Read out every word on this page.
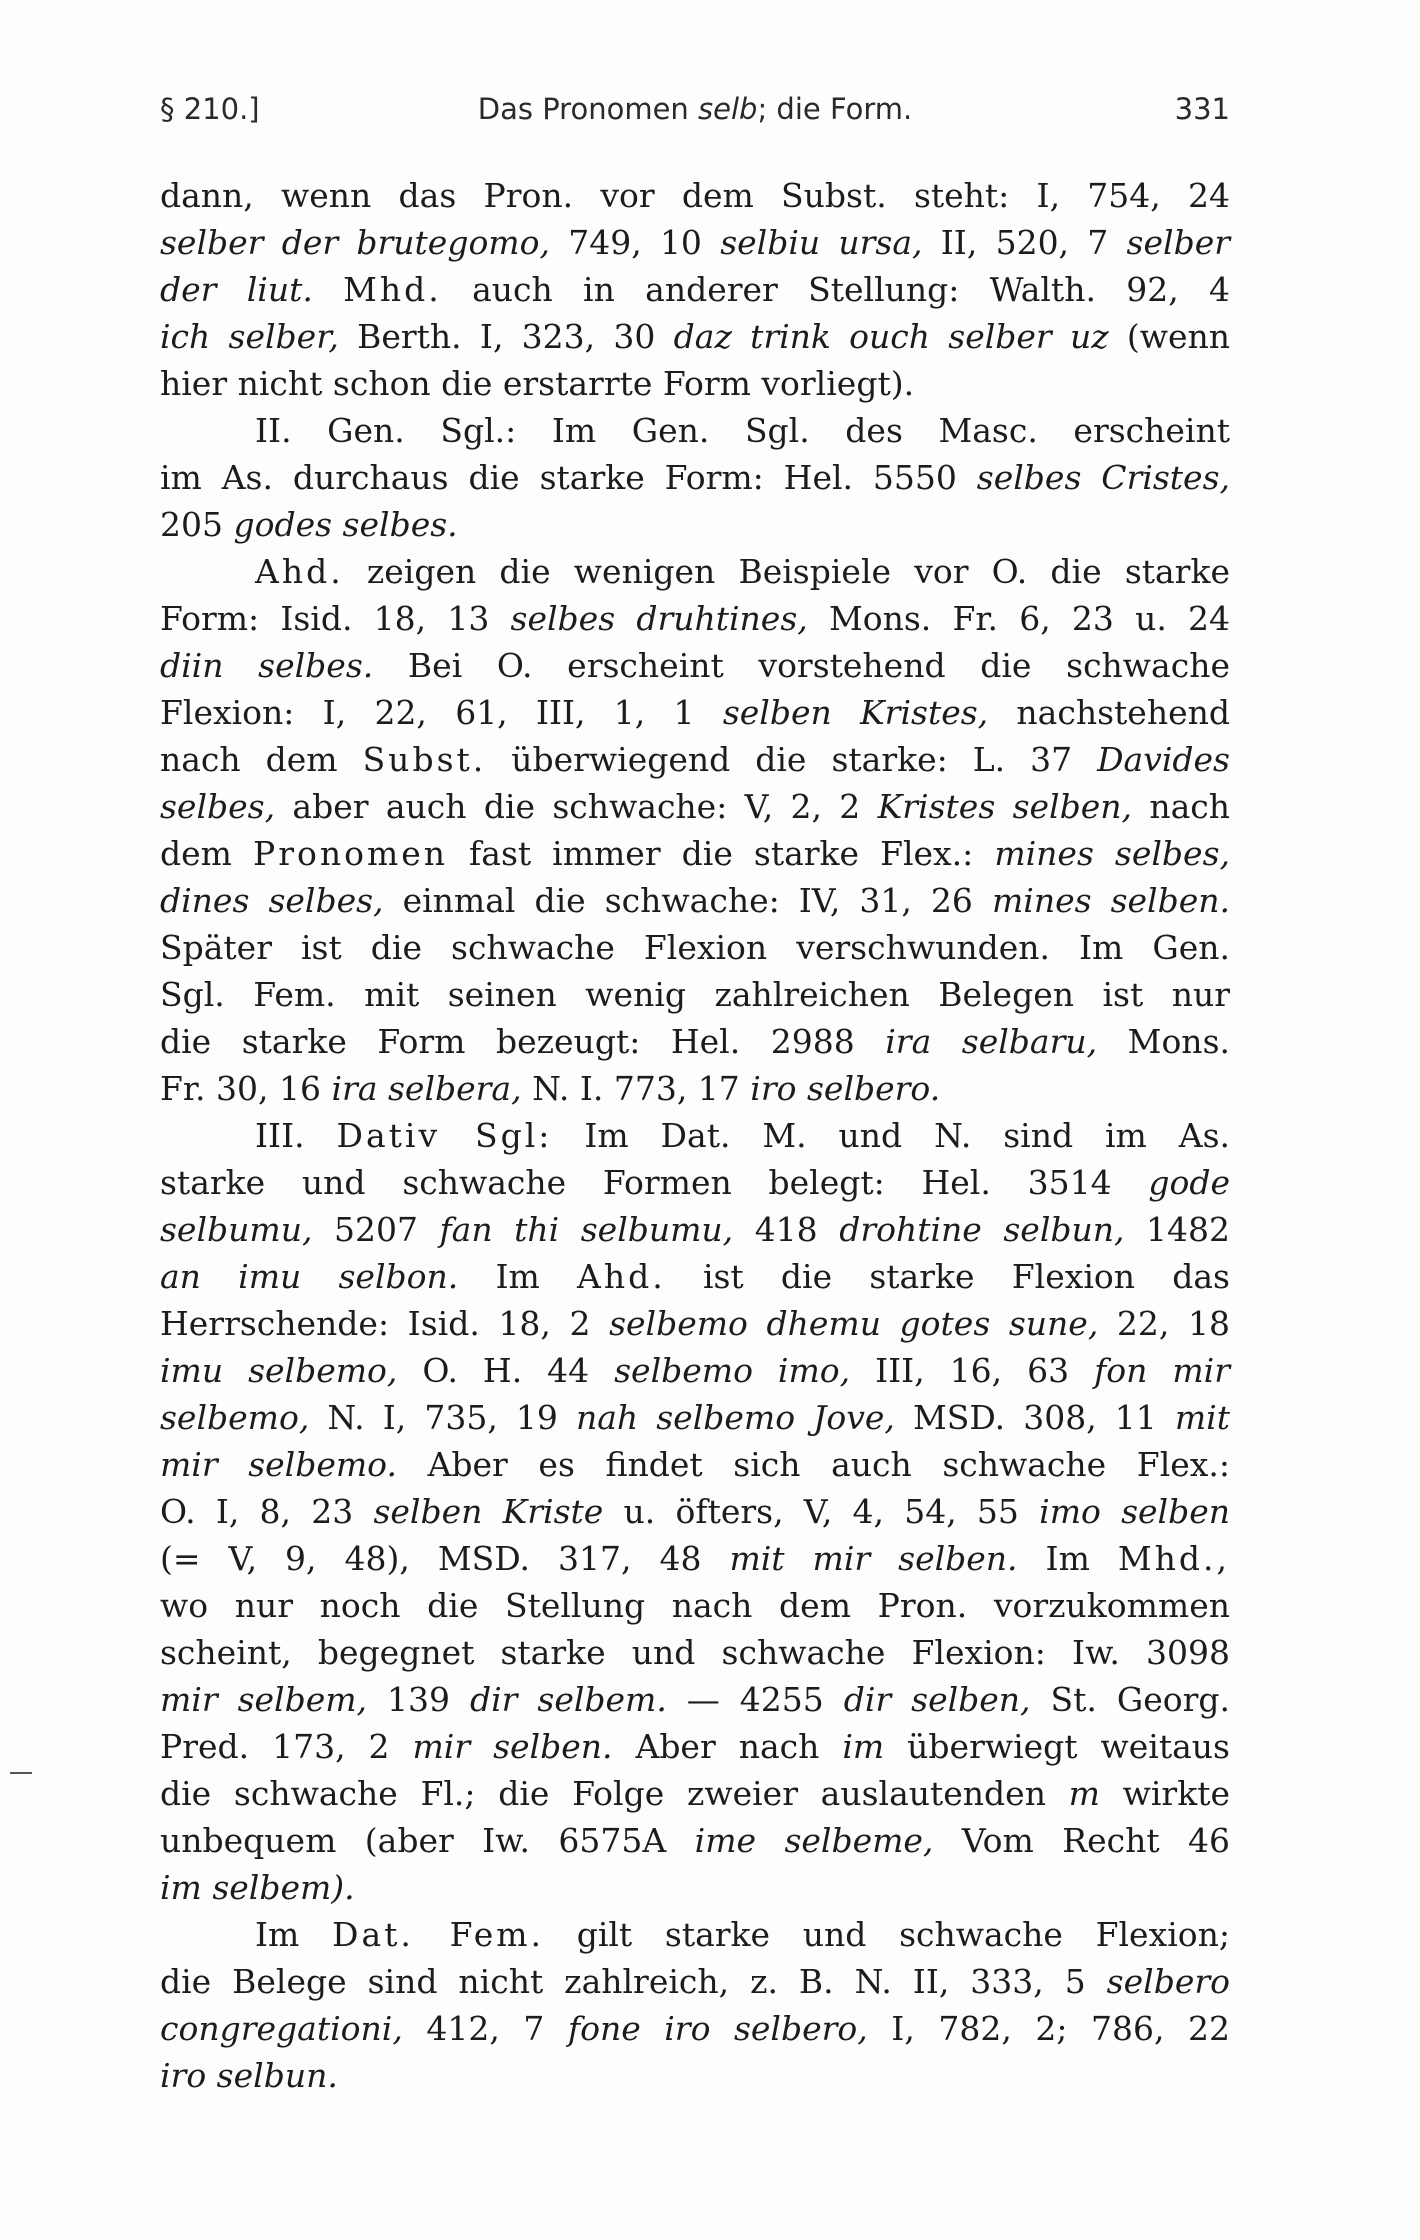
§ 210.]	Das Pronomen selb; die Form.	331
dann, wenn das Pron. vor dem Subst. steht: I, 754, 24
selber der brutegomo, 749, 10 selbiu ursa, II, 520, 7 selber
der liut. Mhd. auch in anderer Stellung: Walth. 92, 4
ich selber, Berth. I, 323, 30 daz trink ouch selber uz (wenn
hier nicht schon die erstarrte Form vorliegt).
II. Gen. Sgl.: Im Gen. Sgl. des Masc. erscheint
im As. durchaus die starke Form: Hel. 5550 selbes Cristes,
205 godes selbes.
Ahd. zeigen die wenigen Beispiele vor O. die starke
Form: Isid. 18, 13 selbes druhtines, Mons. Fr. 6, 23 u. 24
diin selbes. Bei O. erscheint vorstehend die schwache
Flexion: I, 22, 61, III, 1, 1 selben Kristes, nachstehend
nach dem Subst. überwiegend die starke: L. 37 Davides
selbes, aber auch die schwache: V, 2, 2 Kristes selben, nach
dem Pronomen fast immer die starke Flex.: mines selbes,
dines selbes, einmal die schwache: IV, 31, 26 mines selben.
Später ist die schwache Flexion verschwunden. Im Gen.
Sgl. Fem. mit seinen wenig zahlreichen Belegen ist nur
die starke Form bezeugt: Hel. 2988 ira selbaru, Mons.
Fr. 30, 16 ira selbera, N. I. 773, 17 iro selbero.
III. Dativ Sgl: Im Dat. M. und N. sind im As.
starke und schwache Formen belegt: Hel. 3514 gode
selbumu, 5207 fan thi selbumu, 418 drohtine selbun, 1482
an imu selbon. Im Ahd. ist die starke Flexion das
Herrschende: Isid. 18, 2 selbemo dhemu gotes sune, 22, 18
imu selbemo, O. H. 44 selbemo imo, III, 16, 63 fon mir
selbemo, N. I, 735, 19 nah selbemo Jove, MSD. 308, 11 mit
mir selbemo. Aber es findet sich auch schwache Flex.:
O. I, 8, 23 selben Kriste u. öfters, V, 4, 54, 55 imo selben
(= V, 9, 48), MSD. 317, 48 mit mir selben. Im Mhd.,
wo nur noch die Stellung nach dem Pron. vorzukommen
scheint, begegnet starke und schwache Flexion: Iw. 3098
mir selbem, 139 dir selbem. — 4255 dir selben, St. Georg.
Pred. 173, 2 mir selben. Aber nach im überwiegt weitaus
die schwache Fl.; die Folge zweier auslautenden m wirkte
unbequem (aber Iw. 6575A ime selbeme, Vom Recht 46
im selbem).
Im Dat. Fem. gilt starke und schwache Flexion;
die Belege sind nicht zahlreich, z. B. N. II, 333, 5 selbero
congregationi, 412, 7 fone iro selbero, I, 782, 2; 786, 22
iro selbun.
